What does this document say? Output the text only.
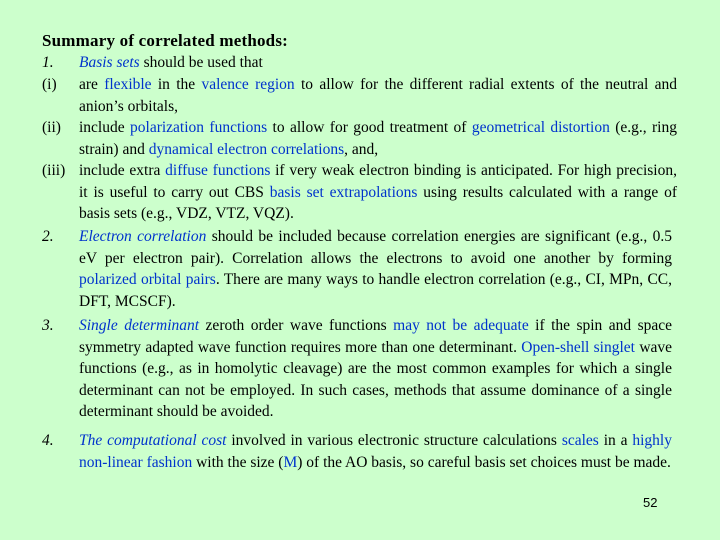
Summary of correlated methods:
1. Basis sets should be used that
(i) are flexible in the valence region to allow for the different radial extents of the neutral and anion’s orbitals,
(ii) include polarization functions to allow for good treatment of geometrical distortion (e.g., ring strain) and dynamical electron correlations, and,
(iii) include extra diffuse functions if very weak electron binding is anticipated. For high precision, it is useful to carry out CBS basis set extrapolations using results calculated with a range of basis sets (e.g., VDZ, VTZ, VQZ).
2. Electron correlation should be included because correlation energies are significant (e.g., 0.5 eV per electron pair). Correlation allows the electrons to avoid one another by forming polarized orbital pairs. There are many ways to handle electron correlation (e.g., CI, MPn, CC, DFT, MCSCF).
3. Single determinant zeroth order wave functions may not be adequate if the spin and space symmetry adapted wave function requires more than one determinant. Open-shell singlet wave functions (e.g., as in homolytic cleavage) are the most common examples for which a single determinant can not be employed. In such cases, methods that assume dominance of a single determinant should be avoided.
4. The computational cost involved in various electronic structure calculations scales in a highly non-linear fashion with the size (M) of the AO basis, so careful basis set choices must be made.
52
